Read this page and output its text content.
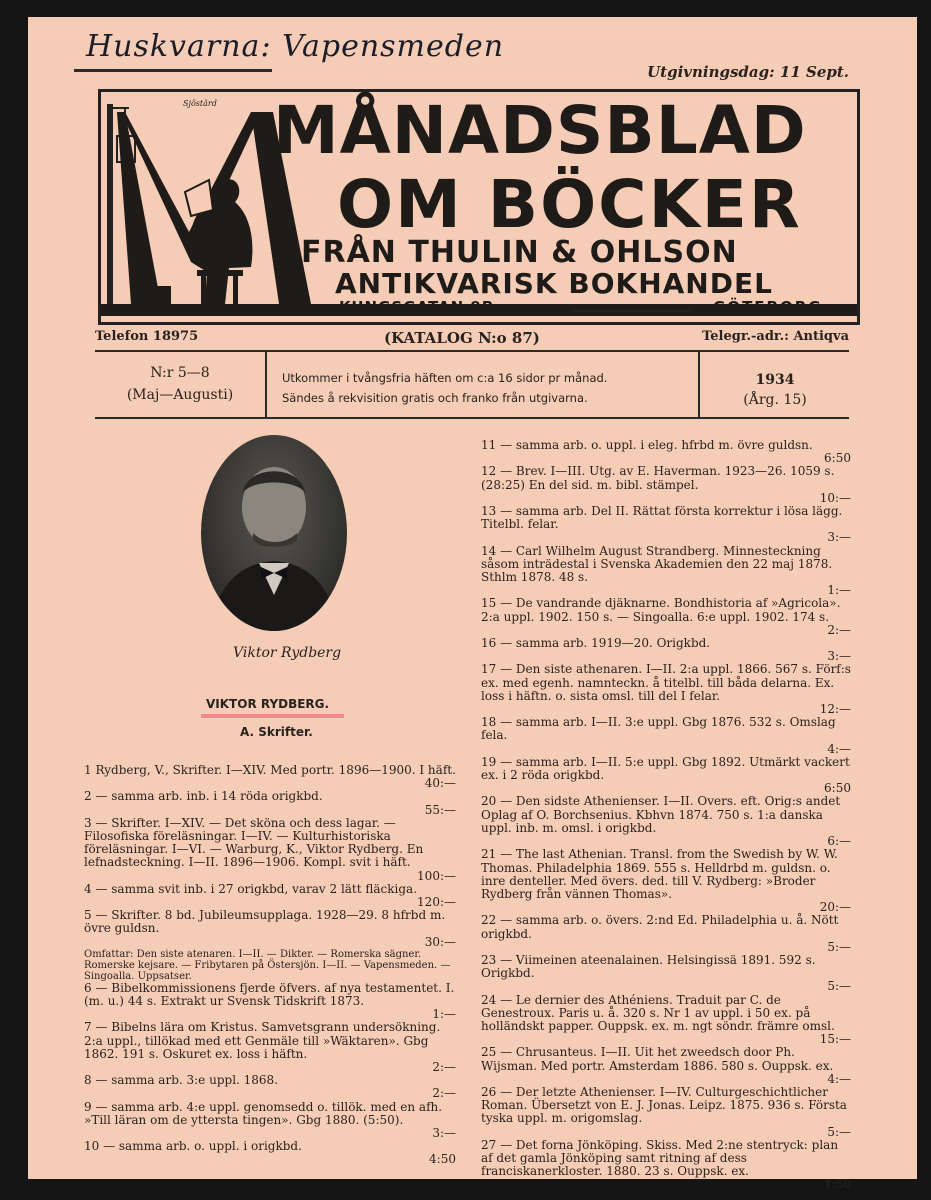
Huskvarna: Vapensmeden
Utgivningsdag: 11 Sept.
Sjöstärd MÅNADSBLAD
OM BÖCKER
FRÅN THULIN & OHLSON
ANTIKVARISK BOKHANDEL
KUNGSGATAN 9B	GÖTEBORG
Telefon 18975	(KATALOG N:o 87)	Telegr.-adr.: Antiqva
N:r 5—8
(Maj—Augusti)
Utkommer i tvångsfria häften om c:a 16 sidor pr månad.
Sändes å rekvisition gratis och franko från utgivarna.
1934
(Årg. 15)
Viktor Rydberg
VIKTOR RYDBERG.
A. Skrifter.

1 Rydberg, V., Skrifter. I—XIV. Med portr. 1896—1900. I häft.
40:—

2 — samma arb. inb. i 14 röda origkbd.
55:—

3 — Skrifter. I—XIV. — Det sköna och dess lagar. — Filosofiska föreläsningar. I—IV. — Kulturhistoriska föreläsningar. I—VI. — Warburg, K., Viktor Rydberg. En lefnadsteckning. I—II. 1896—1906. Kompl. svit i häft.
100:—

4 — samma svit inb. i 27 origkbd, varav 2 lätt fläckiga.
120:—

5 — Skrifter. 8 bd. Jubileumsupplaga. 1928—29. 8 hfrbd m. övre guldsn.
30:—

Omfattar: Den siste atenaren. I—II. — Dikter. — Romerska sägner. Romerske kejsare. — Fribytaren på Östersjön. I—II. — Vapensmeden. — Singoalla. Uppsatser.

6 — Bibelkommissionens fjerde öfvers. af nya testamentet. I. (m. u.) 44 s. Extrakt ur Svensk Tidskrift 1873.
1:—

7 — Bibelns lära om Kristus. Samvetsgrann undersökning. 2:a uppl., tillökad med ett Genmäle till »Wäktaren». Gbg 1862. 191 s. Oskuret ex. loss i häftn.
2:—

8 — samma arb. 3:e uppl. 1868.
2:—

9 — samma arb. 4:e uppl. genomsedd o. tillök. med en afh. »Till läran om de yttersta tingen». Gbg 1880. (5:50).
3:—

10 — samma arb. o. uppl. i origkbd.
4:50

11 — samma arb. o. uppl. i eleg. hfrbd m. övre guldsn.
6:50

12 — Brev. I—III. Utg. av E. Haverman. 1923—26. 1059 s. (28:25) En del sid. m. bibl. stämpel.
10:—

13 — samma arb. Del II. Rättat första korrektur i lösa lägg. Titelbl. felar.
3:—

14 — Carl Wilhelm August Strandberg. Minnesteckning såsom inträdestal i Svenska Akademien den 22 maj 1878. Sthlm 1878. 48 s.
1:—

15 — De vandrande djäknarne. Bondhistoria af »Agricola». 2:a uppl. 1902. 150 s. — Singoalla. 6:e uppl. 1902. 174 s.
2:—

16 — samma arb. 1919—20. Origkbd.
3:—

17 — Den siste athenaren. I—II. 2:a uppl. 1866. 567 s. Förf:s ex. med egenh. namnteckn. å titelbl. till båda delarna. Ex. loss i häftn. o. sista omsl. till del I felar.
12:—

18 — samma arb. I—II. 3:e uppl. Gbg 1876. 532 s. Omslag fela.
4:—

19 — samma arb. I—II. 5:e uppl. Gbg 1892. Utmärkt vackert ex. i 2 röda origkbd.
6:50

20 — Den sidste Athenienser. I—II. Overs. eft. Orig:s andet Oplag af O. Borchsenius. Kbhvn 1874. 750 s. 1:a danska uppl. inb. m. omsl. i origkbd.
6:—

21 — The last Athenian. Transl. from the Swedish by W. W. Thomas. Philadelphia 1869. 555 s. Helldrbd m. guldsn. o. inre denteller. Med övers. ded. till V. Rydberg: »Broder Rydberg från vännen Thomas».
20:—

22 — samma arb. o. övers. 2:nd Ed. Philadelphia u. å. Nött origkbd.
5:—

23 — Viimeinen ateenalainen. Helsingissä 1891. 592 s. Origkbd.
5:—

24 — Le dernier des Athéniens. Traduit par C. de Genestroux. Paris u. å. 320 s. Nr 1 av uppl. i 50 ex. på holländskt papper. Ouppsk. ex. m. ngt söndr. främre omsl.
15:—

25 — Chrusanteus. I—II. Uit het zweedsch door Ph. Wijsman. Med portr. Amsterdam 1886. 580 s. Ouppsk. ex.
4:—

26 — Der letzte Athenienser. I—IV. Culturgeschichtlicher Roman. Übersetzt von E. J. Jonas. Leipz. 1875. 936 s. Första tyska uppl. m. origomslag.
5:—

27 — Det forna Jönköping. Skiss. Med 2:ne stentryck: plan af det gamla Jönköping samt ritning af dess franciskanerkloster. 1880. 23 s. Ouppsk. ex.
1:50
